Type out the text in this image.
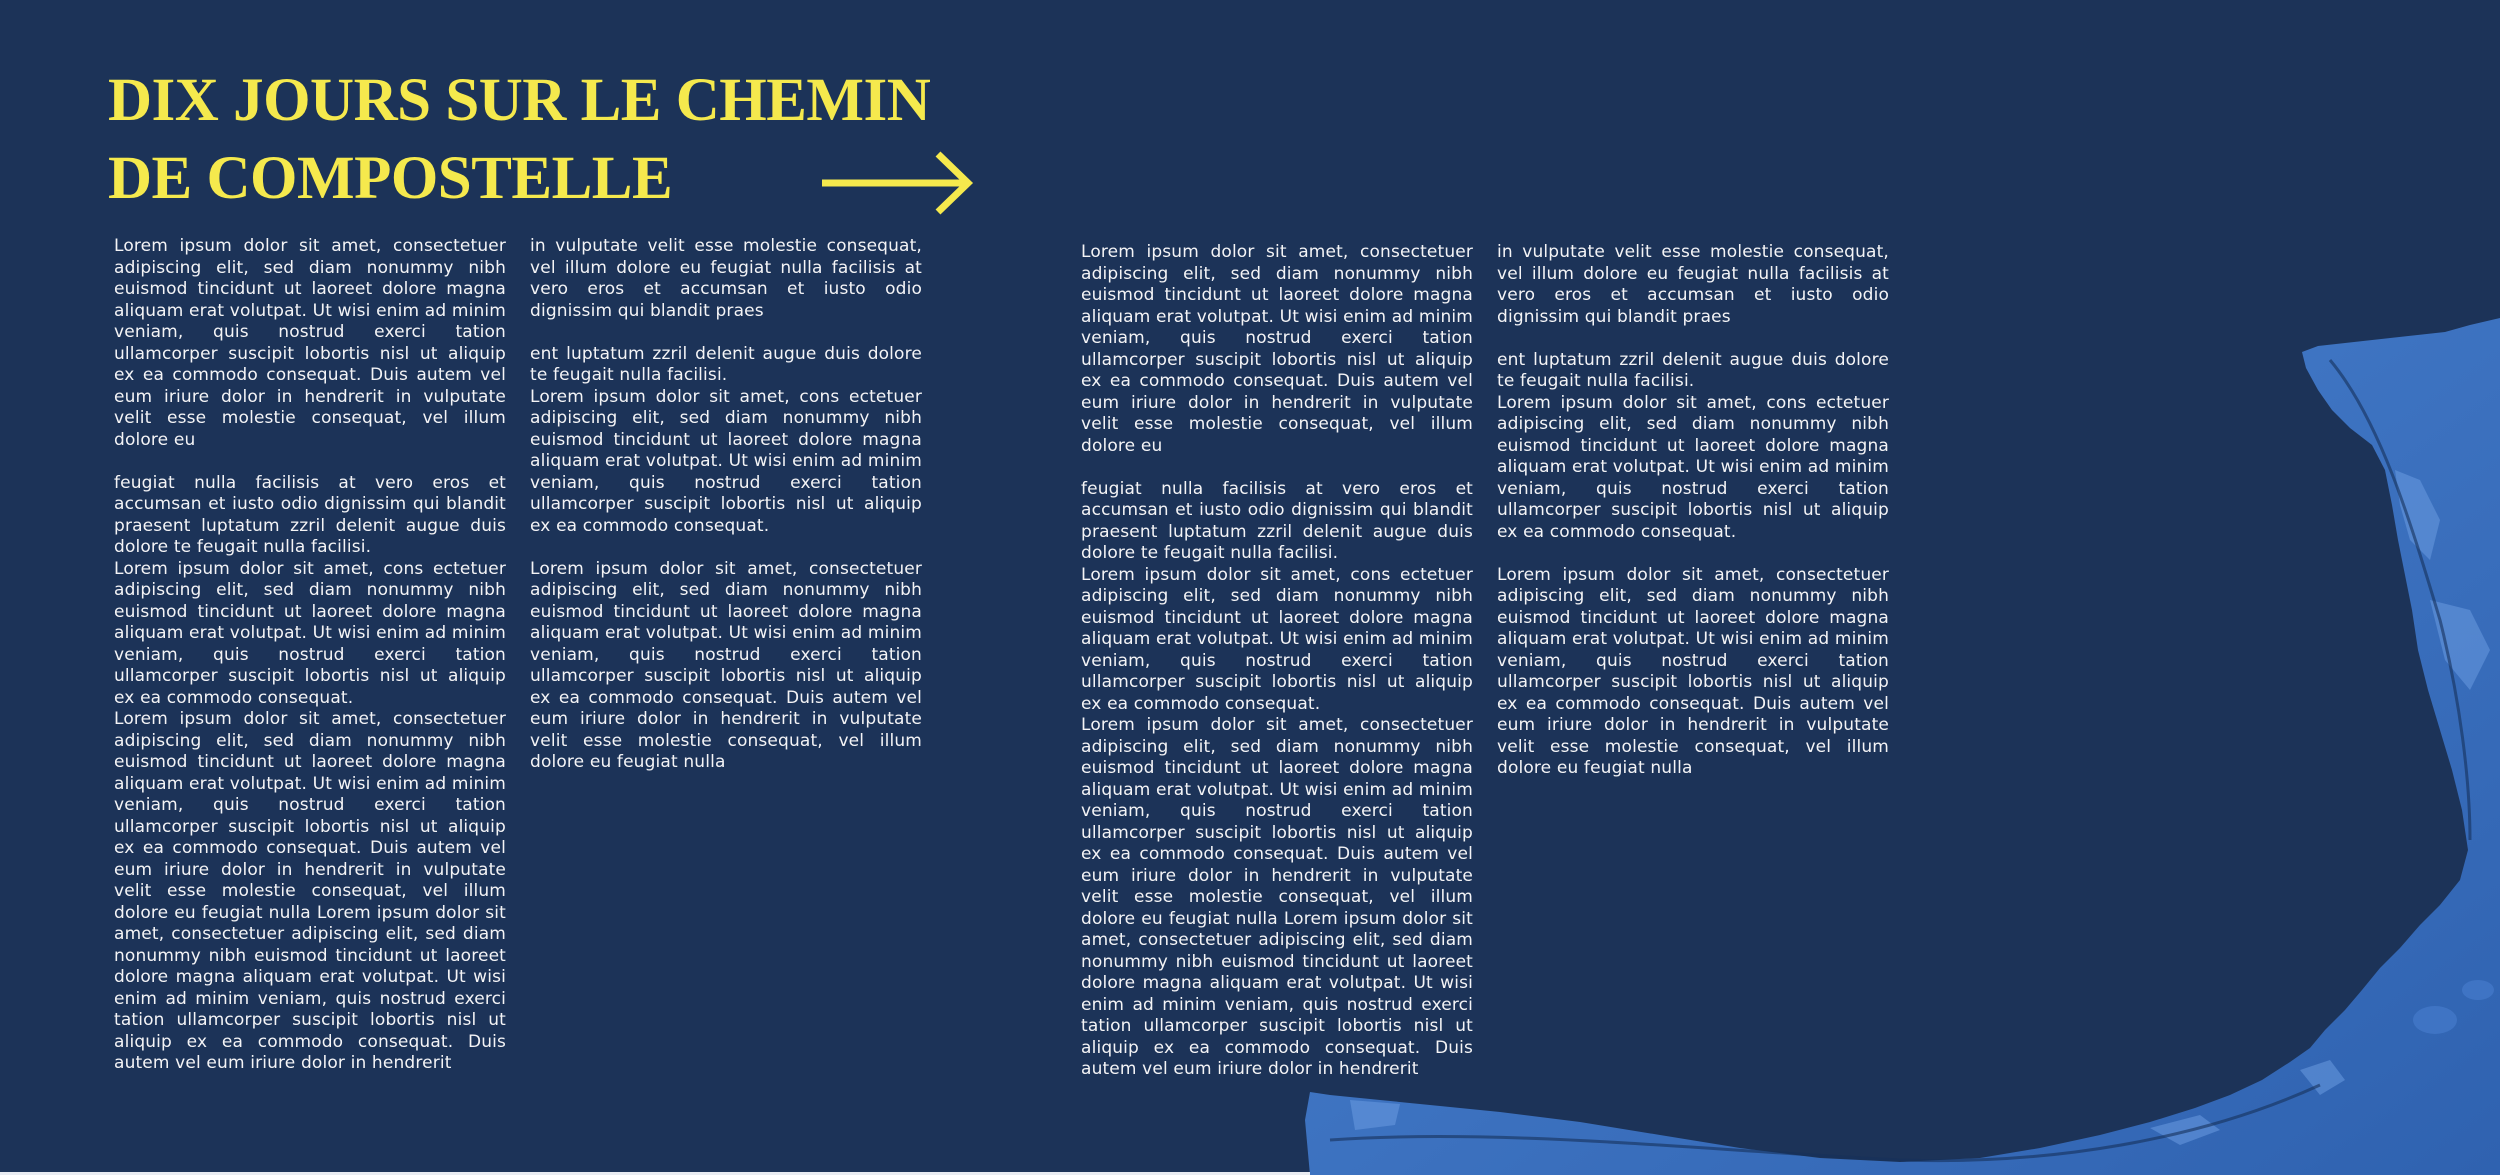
DIX JOURS SUR LE CHEMIN
DE COMPOSTELLE

Lorem ipsum dolor sit amet, consectetuer adipiscing elit, sed diam nonummy nibh euismod tincidunt ut laoreet dolore magna aliquam erat volutpat. Ut wisi enim ad minim veniam, quis nostrud exerci tation ullamcorper suscipit lobortis nisl ut aliquip ex ea commodo consequat. Duis autem vel eum iriure dolor in hendrerit in vulputate velit esse molestie consequat, vel illum dolore eu

feugiat nulla facilisis at vero eros et accumsan et iusto odio dignissim qui blandit praesent luptatum zzril delenit augue duis dolore te feugait nulla facilisi.

Lorem ipsum dolor sit amet, cons ectetuer adipiscing elit, sed diam nonummy nibh euismod tincidunt ut laoreet dolore magna aliquam erat volutpat. Ut wisi enim ad minim veniam, quis nostrud exerci tation ullamcorper suscipit lobortis nisl ut aliquip ex ea commodo consequat.

Lorem ipsum dolor sit amet, consectetuer adipiscing elit, sed diam nonummy nibh euismod tincidunt ut laoreet dolore magna aliquam erat volutpat. Ut wisi enim ad minim veniam, quis nostrud exerci tation ullamcorper suscipit lobortis nisl ut aliquip ex ea commodo consequat. Duis autem vel eum iriure dolor in hendrerit in vulputate velit esse molestie consequat, vel illum dolore eu feugiat nulla Lorem ipsum dolor sit amet, consectetuer adipiscing elit, sed diam nonummy nibh euismod tincidunt ut laoreet dolore magna aliquam erat volutpat. Ut wisi enim ad minim veniam, quis nostrud exerci tation ullamcorper suscipit lobortis nisl ut aliquip ex ea commodo consequat. Duis autem vel eum iriure dolor in hendrerit

in vulputate velit esse molestie consequat, vel illum dolore eu feugiat nulla facilisis at vero eros et accumsan et iusto odio dignissim qui blandit praes

ent luptatum zzril delenit augue duis dolore te feugait nulla facilisi.

Lorem ipsum dolor sit amet, cons ectetuer adipiscing elit, sed diam nonummy nibh euismod tincidunt ut laoreet dolore magna aliquam erat volutpat. Ut wisi enim ad minim veniam, quis nostrud exerci tation ullamcorper suscipit lobortis nisl ut aliquip ex ea commodo consequat.

Lorem ipsum dolor sit amet, consectetuer adipiscing elit, sed diam nonummy nibh euismod tincidunt ut laoreet dolore magna aliquam erat volutpat. Ut wisi enim ad minim veniam, quis nostrud exerci tation ullamcorper suscipit lobortis nisl ut aliquip ex ea commodo consequat. Duis autem vel eum iriure dolor in hendrerit in vulputate velit esse molestie consequat, vel illum dolore eu feugiat nulla

Lorem ipsum dolor sit amet, consectetuer adipiscing elit, sed diam nonummy nibh euismod tincidunt ut laoreet dolore magna aliquam erat volutpat. Ut wisi enim ad minim veniam, quis nostrud exerci tation ullamcorper suscipit lobortis nisl ut aliquip ex ea commodo consequat. Duis autem vel eum iriure dolor in hendrerit in vulputate velit esse molestie consequat, vel illum dolore eu

feugiat nulla facilisis at vero eros et accumsan et iusto odio dignissim qui blandit praesent luptatum zzril delenit augue duis dolore te feugait nulla facilisi.

Lorem ipsum dolor sit amet, cons ectetuer adipiscing elit, sed diam nonummy nibh euismod tincidunt ut laoreet dolore magna aliquam erat volutpat. Ut wisi enim ad minim veniam, quis nostrud exerci tation ullamcorper suscipit lobortis nisl ut aliquip ex ea commodo consequat.

Lorem ipsum dolor sit amet, consectetuer adipiscing elit, sed diam nonummy nibh euismod tincidunt ut laoreet dolore magna aliquam erat volutpat. Ut wisi enim ad minim veniam, quis nostrud exerci tation ullamcorper suscipit lobortis nisl ut aliquip ex ea commodo consequat. Duis autem vel eum iriure dolor in hendrerit in vulputate velit esse molestie consequat, vel illum dolore eu feugiat nulla Lorem ipsum dolor sit amet, consectetuer adipiscing elit, sed diam nonummy nibh euismod tincidunt ut laoreet dolore magna aliquam erat volutpat. Ut wisi enim ad minim veniam, quis nostrud exerci tation ullamcorper suscipit lobortis nisl ut aliquip ex ea commodo consequat. Duis autem vel eum iriure dolor in hendrerit

in vulputate velit esse molestie consequat, vel illum dolore eu feugiat nulla facilisis at vero eros et accumsan et iusto odio dignissim qui blandit praes

ent luptatum zzril delenit augue duis dolore te feugait nulla facilisi.

Lorem ipsum dolor sit amet, cons ectetuer adipiscing elit, sed diam nonummy nibh euismod tincidunt ut laoreet dolore magna aliquam erat volutpat. Ut wisi enim ad minim veniam, quis nostrud exerci tation ullamcorper suscipit lobortis nisl ut aliquip ex ea commodo consequat.

Lorem ipsum dolor sit amet, consectetuer adipiscing elit, sed diam nonummy nibh euismod tincidunt ut laoreet dolore magna aliquam erat volutpat. Ut wisi enim ad minim veniam, quis nostrud exerci tation ullamcorper suscipit lobortis nisl ut aliquip ex ea commodo consequat. Duis autem vel eum iriure dolor in hendrerit in vulputate velit esse molestie consequat, vel illum dolore eu feugiat nulla
